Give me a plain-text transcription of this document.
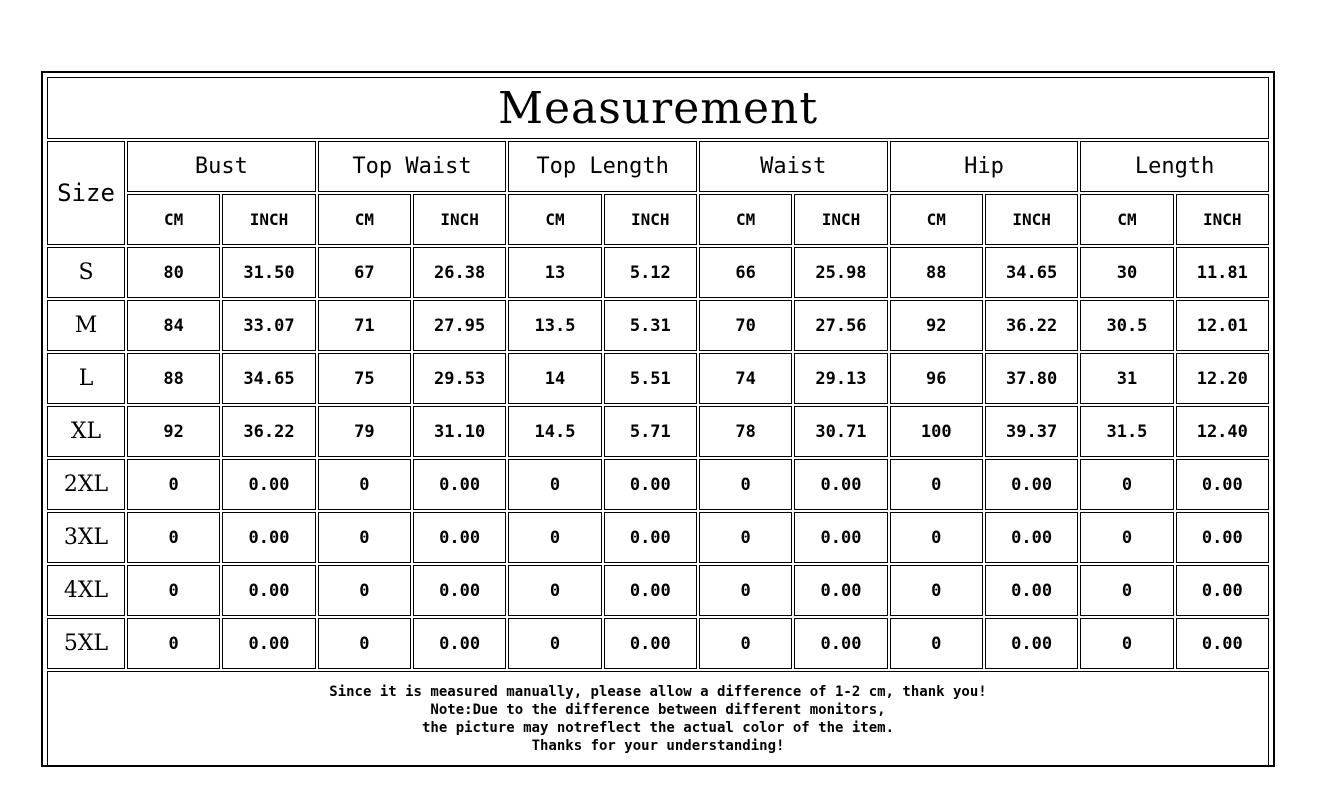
Measurement												
Size	Bust		Top Waist		Top Length		Waist		Hip		Length	
	CM	INCH	CM	INCH	CM	INCH	CM	INCH	CM	INCH	CM	INCH
S	80	31.50	67	26.38	13	5.12	66	25.98	88	34.65	30	11.81
M	84	33.07	71	27.95	13.5	5.31	70	27.56	92	36.22	30.5	12.01
L	88	34.65	75	29.53	14	5.51	74	29.13	96	37.80	31	12.20
XL	92	36.22	79	31.10	14.5	5.71	78	30.71	100	39.37	31.5	12.40
2XL	0	0.00	0	0.00	0	0.00	0	0.00	0	0.00	0	0.00
3XL	0	0.00	0	0.00	0	0.00	0	0.00	0	0.00	0	0.00
4XL	0	0.00	0	0.00	0	0.00	0	0.00	0	0.00	0	0.00
5XL	0	0.00	0	0.00	0	0.00	0	0.00	0	0.00	0	0.00

Since it is measured manually, please allow a difference of 1-2 cm, thank you!
Note:Due to the difference between different monitors,
the picture may notreflect the actual color of the item.
Thanks for your understanding!												
